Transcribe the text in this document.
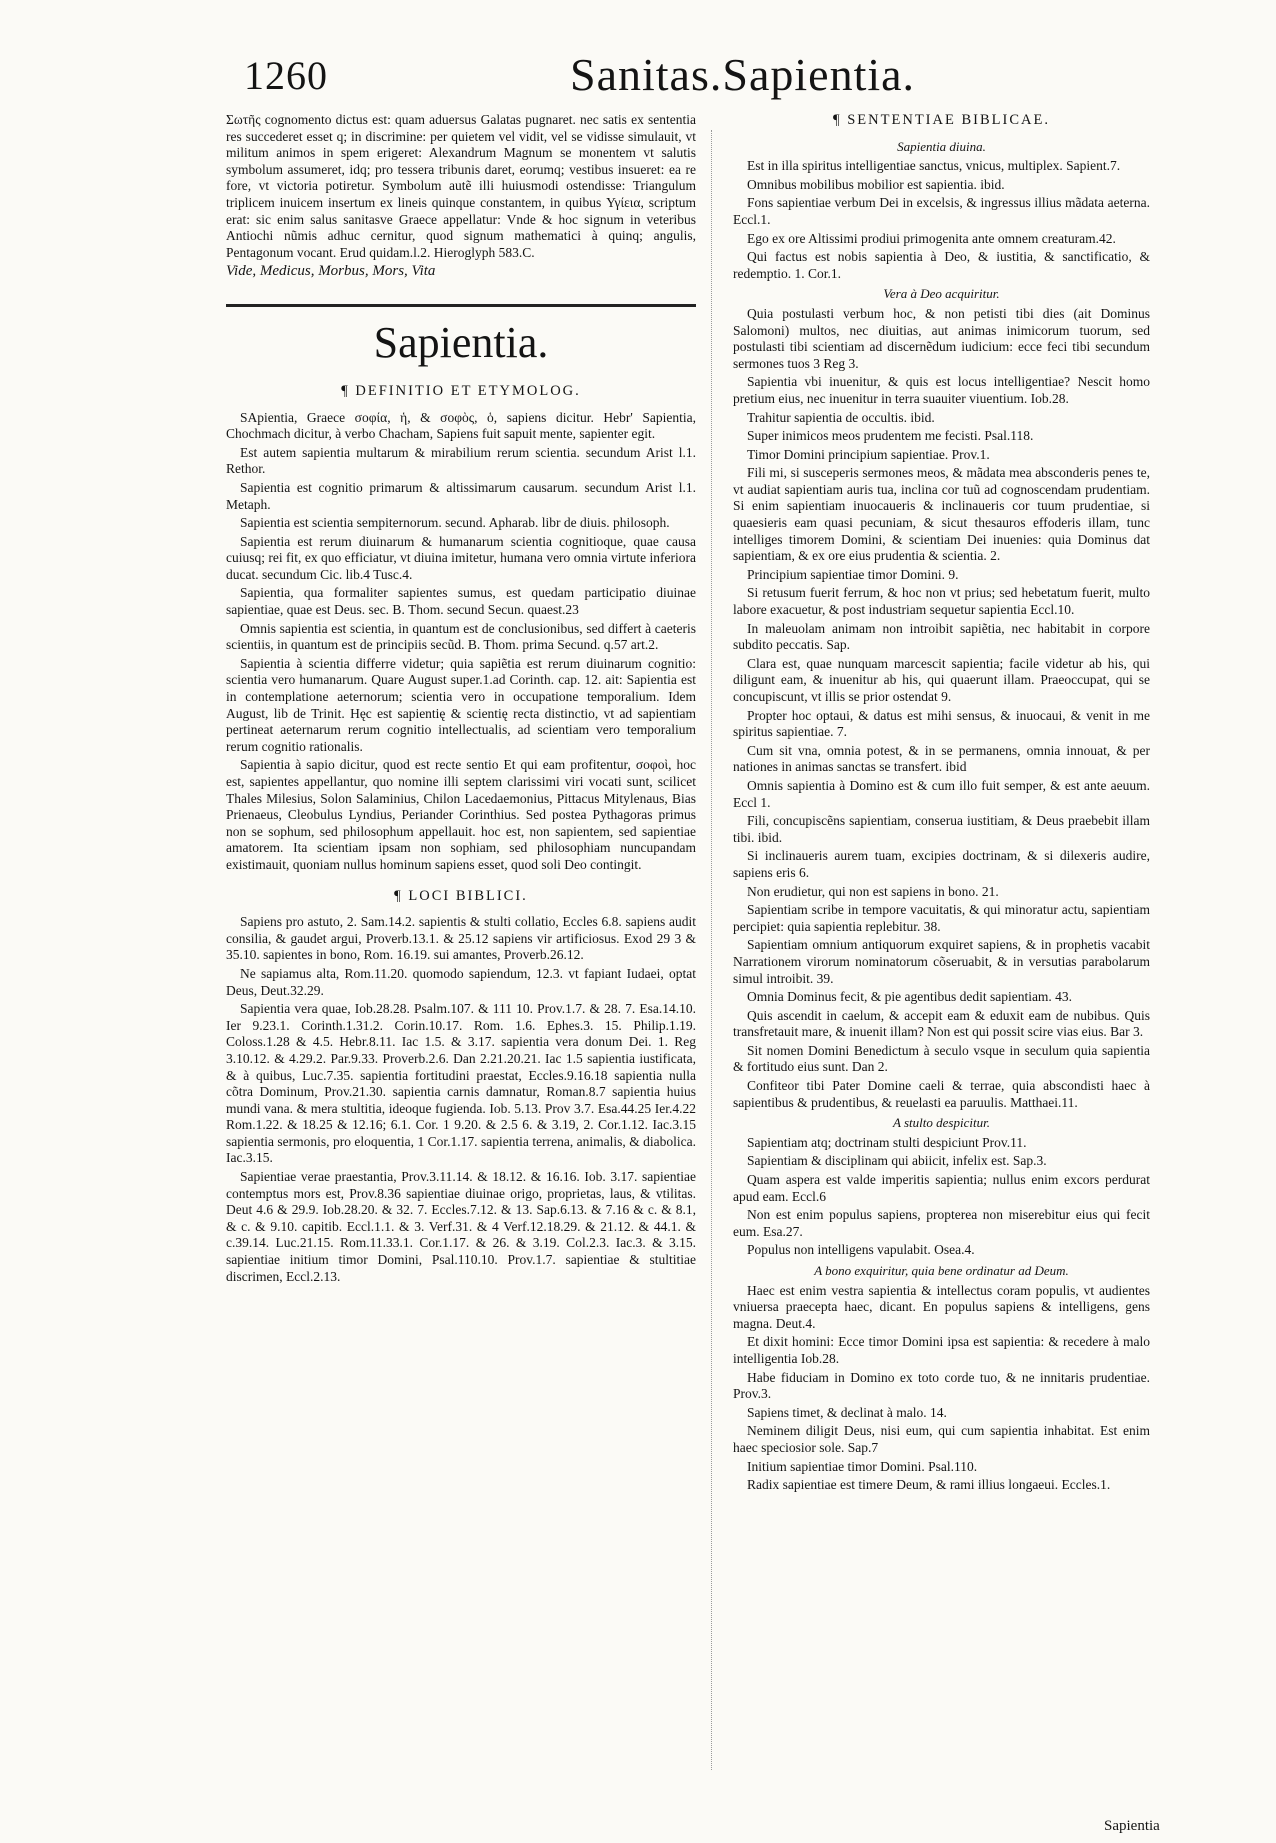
1260	Sanitas.Sapientia.

Σωτῆς cognomento dictus est: quam aduersus Galatas pugnaret. nec satis ex sententia res succederet esset q; in discrimine: per quietem vel vidit, vel se vidisse simulauit, vt militum animos in spem erigeret: Alexandrum Magnum se monentem vt salutis symbolum assumeret, idq; pro tessera tribunis daret, eorumq; vestibus insueret: ea re fore, vt victoria potiretur. Symbolum autẽ illi huiusmodi ostendisse: Triangulum triplicem inuicem insertum ex lineis quinque constantem, in quibus Υγίεια, scriptum erat: sic enim salus sanitasve Graece appellatur: Vnde & hoc signum in veteribus Antiochi nũmis adhuc cernitur, quod signum mathematici à quinq; angulis, Pentagonum vocant. Erud quidam.l.2. Hieroglyph 583.C.

Vide, Medicus, Morbus, Mors, Vita

Sapientia.
¶ DEFINITIO ET ETYMOLOG.

SApientia, Graece σοφία, ἡ, & σοφὸς, ὁ, sapiens dicitur. Hebr' Sapientia, Chochmach dicitur, à verbo Chacham, Sapiens fuit sapuit mente, sapienter egit.

Est autem sapientia multarum & mirabilium rerum scientia. secundum Arist l.1. Rethor.

Sapientia est cognitio primarum & altissimarum causarum. secundum Arist l.1. Metaph.

Sapientia est scientia sempiternorum. secund. Apharab. libr de diuis. philosoph.

Sapientia est rerum diuinarum & humanarum scientia cognitioque, quae causa cuiusq; rei fit, ex quo efficiatur, vt diuina imitetur, humana vero omnia virtute inferiora ducat. secundum Cic. lib.4 Tusc.4.

Sapientia, qua formaliter sapientes sumus, est quedam participatio diuinae sapientiae, quae est Deus. sec. B. Thom. secund Secun. quaest.23

Omnis sapientia est scientia, in quantum est de conclusionibus, sed differt à caeteris scientiis, in quantum est de principiis secũd. B. Thom. prima Secund. q.57 art.2.

Sapientia à scientia differre videtur; quia sapiẽtia est rerum diuinarum cognitio: scientia vero humanarum. Quare August super.1.ad Corinth. cap. 12. ait: Sapientia est in contemplatione aeternorum; scientia vero in occupatione temporalium. Idem August, lib de Trinit. Hęc est sapientię & scientię recta distinctio, vt ad sapientiam pertineat aeternarum rerum cognitio intellectualis, ad scientiam vero temporalium rerum cognitio rationalis.

Sapientia à sapio dicitur, quod est recte sentio Et qui eam profitentur, σοφοὶ, hoc est, sapientes appellantur, quo nomine illi septem clarissimi viri vocati sunt, scilicet Thales Milesius, Solon Salaminius, Chilon Lacedaemonius, Pittacus Mitylenaus, Bias Prienaeus, Cleobulus Lyndius, Periander Corinthius. Sed postea Pythagoras primus non se sophum, sed philosophum appellauit. hoc est, non sapientem, sed sapientiae amatorem. Ita scientiam ipsam non sophiam, sed philosophiam nuncupandam existimauit, quoniam nullus hominum sapiens esset, quod soli Deo contingit.

¶ LOCI BIBLICI.

Sapiens pro astuto, 2. Sam.14.2. sapientis & stulti collatio, Eccles 6.8. sapiens audit consilia, & gaudet argui, Proverb.13.1. & 25.12 sapiens vir artificiosus. Exod 29 3 & 35.10. sapientes in bono, Rom. 16.19. sui amantes, Proverb.26.12.

Ne sapiamus alta, Rom.11.20. quomodo sapiendum, 12.3. vt fapiant Iudaei, optat Deus, Deut.32.29.

Sapientia vera quae, Iob.28.28. Psalm.107. & 111 10. Prov.1.7. & 28. 7. Esa.14.10. Ier 9.23.1. Corinth.1.31.2. Corin.10.17. Rom. 1.6. Ephes.3. 15. Philip.1.19. Coloss.1.28 & 4.5. Hebr.8.11. Iac 1.5. & 3.17. sapientia vera donum Dei. 1. Reg 3.10.12. & 4.29.2. Par.9.33. Proverb.2.6. Dan 2.21.20.21. Iac 1.5 sapientia iustificata, & à quibus, Luc.7.35. sapientia fortitudini praestat, Eccles.9.16.18 sapientia nulla cõtra Dominum, Prov.21.30. sapientia carnis damnatur, Roman.8.7 sapientia huius mundi vana. & mera stultitia, ideoque fugienda. Iob. 5.13. Prov 3.7. Esa.44.25 Ier.4.22 Rom.1.22. & 18.25 & 12.16; 6.1. Cor. 1 9.20. & 2.5 6. & 3.19, 2. Cor.1.12. Iac.3.15 sapientia sermonis, pro eloquentia, 1 Cor.1.17. sapientia terrena, animalis, & diabolica. Iac.3.15.

Sapientiae verae praestantia, Prov.3.11.14. & 18.12. & 16.16. Iob. 3.17. sapientiae contemptus mors est, Prov.8.36 sapientiae diuinae origo, proprietas, laus, & vtilitas. Deut 4.6 & 29.9. Iob.28.20. & 32. 7. Eccles.7.12. & 13. Sap.6.13. & 7.16 & c. & 8.1, & c. & 9.10. capitib. Eccl.1.1. & 3. Verf.31. & 4 Verf.12.18.29. & 21.12. & 44.1. & c.39.14. Luc.21.15. Rom.11.33.1. Cor.1.17. & 26. & 3.19. Col.2.3. Iac.3. & 3.15. sapientiae initium timor Domini, Psal.110.10. Prov.1.7. sapientiae & stultitiae discrimen, Eccl.2.13.

¶ SENTENTIAE BIBLICAE.
Sapientia diuina.

Est in illa spiritus intelligentiae sanctus, vnicus, multiplex. Sapient.7.

Omnibus mobilibus mobilior est sapientia. ibid.

Fons sapientiae verbum Dei in excelsis, & ingressus illius mãdata aeterna. Eccl.1.

Ego ex ore Altissimi prodiui primogenita ante omnem creaturam.42.

Qui factus est nobis sapientia à Deo, & iustitia, & sanctificatio, & redemptio. 1. Cor.1.

Vera à Deo acquiritur.

Quia postulasti verbum hoc, & non petisti tibi dies (ait Dominus Salomoni) multos, nec diuitias, aut animas inimicorum tuorum, sed postulasti tibi scientiam ad discernẽdum iudicium: ecce feci tibi secundum sermones tuos 3 Reg 3.

Sapientia vbi inuenitur, & quis est locus intelligentiae? Nescit homo pretium eius, nec inuenitur in terra suauiter viuentium. Iob.28.

Trahitur sapientia de occultis. ibid.

Super inimicos meos prudentem me fecisti. Psal.118.

Timor Domini principium sapientiae. Prov.1.

Fili mi, si susceperis sermones meos, & mãdata mea absconderis penes te, vt audiat sapientiam auris tua, inclina cor tuũ ad cognoscendam prudentiam. Si enim sapientiam inuocaueris & inclinaueris cor tuum prudentiae, si quaesieris eam quasi pecuniam, & sicut thesauros effoderis illam, tunc intelliges timorem Domini, & scientiam Dei inuenies: quia Dominus dat sapientiam, & ex ore eius prudentia & scientia. 2.

Principium sapientiae timor Domini. 9.

Si retusum fuerit ferrum, & hoc non vt prius; sed hebetatum fuerit, multo labore exacuetur, & post industriam sequetur sapientia Eccl.10.

In maleuolam animam non introibit sapiẽtia, nec habitabit in corpore subdito peccatis. Sap.

Clara est, quae nunquam marcescit sapientia; facile videtur ab his, qui diligunt eam, & inuenitur ab his, qui quaerunt illam. Praeoccupat, qui se concupiscunt, vt illis se prior ostendat 9.

Propter hoc optaui, & datus est mihi sensus, & inuocaui, & venit in me spiritus sapientiae. 7.

Cum sit vna, omnia potest, & in se permanens, omnia innouat, & per nationes in animas sanctas se transfert. ibid

Omnis sapientia à Domino est & cum illo fuit semper, & est ante aeuum. Eccl 1.

Fili, concupiscẽns sapientiam, conserua iustitiam, & Deus praebebit illam tibi. ibid.

Si inclinaueris aurem tuam, excipies doctrinam, & si dilexeris audire, sapiens eris 6.

Non erudietur, qui non est sapiens in bono. 21.

Sapientiam scribe in tempore vacuitatis, & qui minoratur actu, sapientiam percipiet: quia sapientia replebitur. 38.

Sapientiam omnium antiquorum exquiret sapiens, & in prophetis vacabit Narrationem virorum nominatorum cõseruabit, & in versutias parabolarum simul introibit. 39.

Omnia Dominus fecit, & pie agentibus dedit sapientiam. 43.

Quis ascendit in caelum, & accepit eam & eduxit eam de nubibus. Quis transfretauit mare, & inuenit illam? Non est qui possit scire vias eius. Bar 3.

Sit nomen Domini Benedictum à seculo vsque in seculum quia sapientia & fortitudo eius sunt. Dan 2.

Confiteor tibi Pater Domine caeli & terrae, quia abscondisti haec à sapientibus & prudentibus, & reuelasti ea paruulis. Matthaei.11.

A stulto despicitur.

Sapientiam atq; doctrinam stulti despiciunt Prov.11.

Sapientiam & disciplinam qui abiicit, infelix est. Sap.3.

Quam aspera est valde imperitis sapientia; nullus enim excors perdurat apud eam. Eccl.6

Non est enim populus sapiens, propterea non miserebitur eius qui fecit eum. Esa.27.

Populus non intelligens vapulabit. Osea.4.

A bono exquiritur, quia bene ordinatur ad Deum.

Haec est enim vestra sapientia & intellectus coram populis, vt audientes vniuersa praecepta haec, dicant. En populus sapiens & intelligens, gens magna. Deut.4.

Et dixit homini: Ecce timor Domini ipsa est sapientia: & recedere à malo intelligentia Iob.28.

Habe fiduciam in Domino ex toto corde tuo, & ne innitaris prudentiae. Prov.3.

Sapiens timet, & declinat à malo. 14.

Neminem diligit Deus, nisi eum, qui cum sapientia inhabitat. Est enim haec speciosior sole. Sap.7

Initium sapientiae timor Domini. Psal.110.

Radix sapientiae est timere Deum, & rami illius longaeui. Eccles.1.

Sapientia
